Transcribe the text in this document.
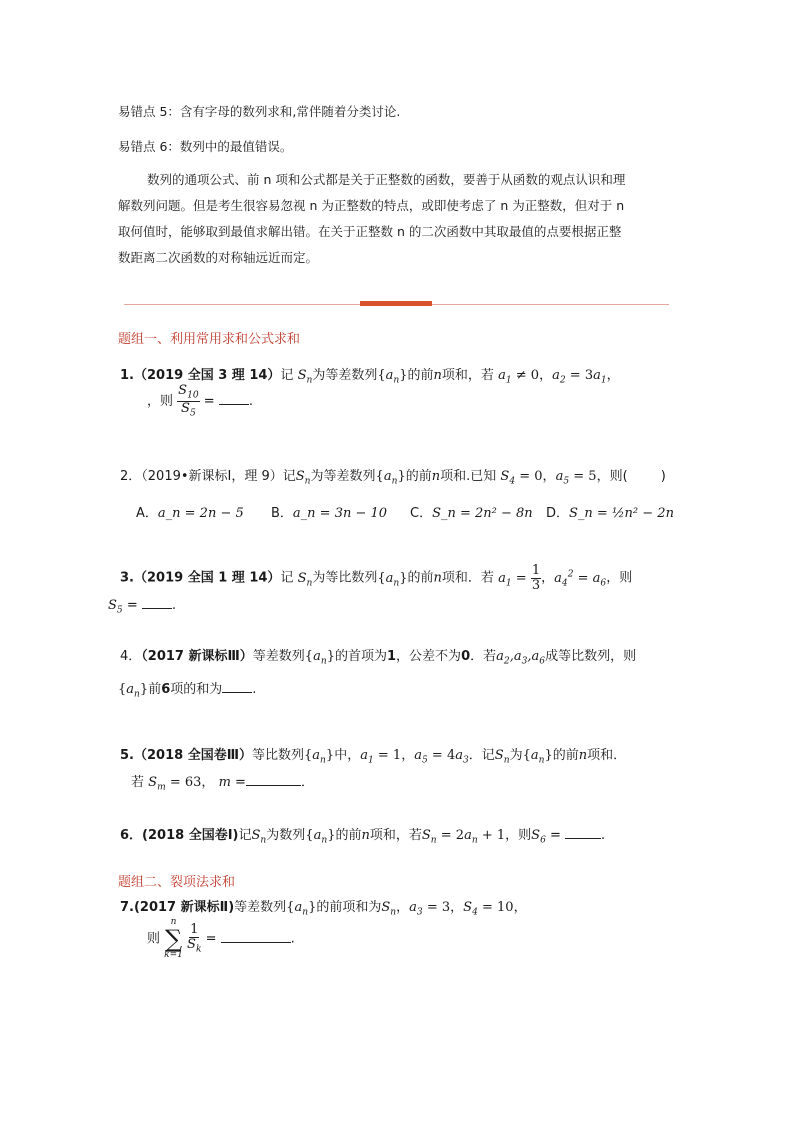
易错点 5：含有字母的数列求和,常伴随着分类讨论.
易错点 6：数列中的最值错误。
数列的通项公式、前 n 项和公式都是关于正整数的函数，要善于从函数的观点认识和理
解数列问题。但是考生很容易忽视 n 为正整数的特点，或即使考虑了 n 为正整数，但对于 n
取何值时，能够取到最值求解出错。在关于正整数 n 的二次函数中其取最值的点要根据正整
数距离二次函数的对称轴远近而定。
题组一、利用常用求和公式求和
1.（2019 全国 3 理 14）记 $S_n$为等差数列$\{a_n\}$的前n项和，若 $a_1 \ne 0$，$a_2 = 3a_1$，
，则 $\frac{S_{10}}{S_5}$ =	.
2．（2019•新课标Ⅰ，理 9）记$S_n$为等差数列$\{a_n\}$的前n项和.已知 $S_4 = 0$，$a_5 = 5$，则(	)
A．a_n = 2n − 5 B．a_n = 3n − 10 C．S_n = 2n² − 8n D．S_n = ½n² − 2n
3.（2019 全国 1 理 14）记 $S_n$为等比数列$\{a_n\}$的前n项和．若 $a_1 = \frac{1}{3}$ ，$a_4^2 = a_6$，则
$S_5$ =	.
4．（2017 新课标Ⅲ）等差数列$\{a_n\}$的首项为1，公差不为0．若$a_2,a_3,a_6$成等比数列，则
$\{a_n\}$前6项的和为 .
5.（2018 全国卷Ⅲ）等比数列$\{a_n\}$中，$a_1 = 1$，$a_5 = 4a_3$．记$S_n$为$\{a_n\}$的前n项和．
若 $S_m = 63$， m =	．
6．(2018 全国卷Ⅰ)记$S_n$为数列$\{a_n\}$的前n项和，若$S_n = 2a_n + 1$，则$S_6$ =	.
题组二、裂项法求和
7.(2017 新课标Ⅱ)等差数列$\{a_n\}$的前项和为$S_n$，$a_3 = 3$，$S_4 = 10$，
则
n
∑
k=1

$\frac{1}{S_k}$ =	.
